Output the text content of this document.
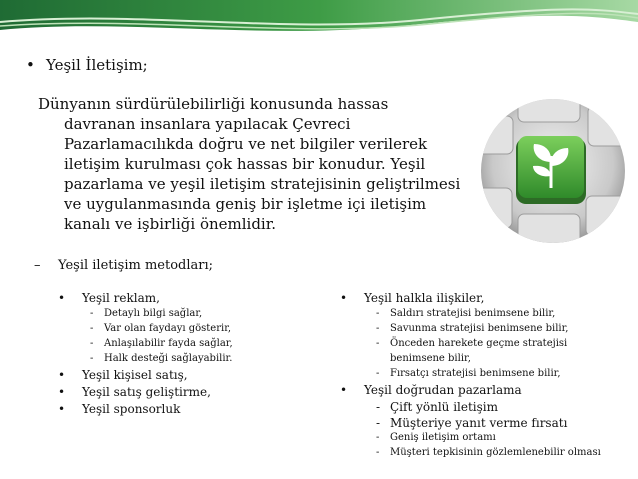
• Yeşil İletişim;
Dünyanın sürdürülebilirliği konusunda hassas
davranan insanlara yapılacak Çevreci
Pazarlamacılıkda doğru ve net bilgiler verilerek
iletişim kurulması çok hassas bir konudur. Yeşil
pazarlama ve yeşil iletişim stratejisinin geliştrilmesi
ve uygulanmasında geniş bir işletme içi iletişim
kanalı ve işbirliği önemlidir.
– Yeşil iletişim metodları;
•	Yeşil reklam,
-	Detaylı bilgi sağlar,
-	Var olan faydayı gösterir,
-	Anlaşılabilir fayda sağlar,
-	Halk desteği sağlayabilir.
•	Yeşil kişisel satış,
•	Yeşil satış geliştirme,
•	Yeşil sponsorluk
•	Yeşil halkla ilişkiler,
-	Saldırı stratejisi benimsene bilir,
-	Savunma stratejisi benimsene bilir,
-	Önceden harekete geçme stratejisi
benimsene bilir,
-	Fırsatçı stratejisi benimsene bilir,
•	Yeşil doğrudan pazarlama
- Çift yönlü iletişim
- Müşteriye yanıt verme fırsatı
-	Geniş iletişim ortamı
-	Müşteri tepkisinin gözlemlenebilir olması
